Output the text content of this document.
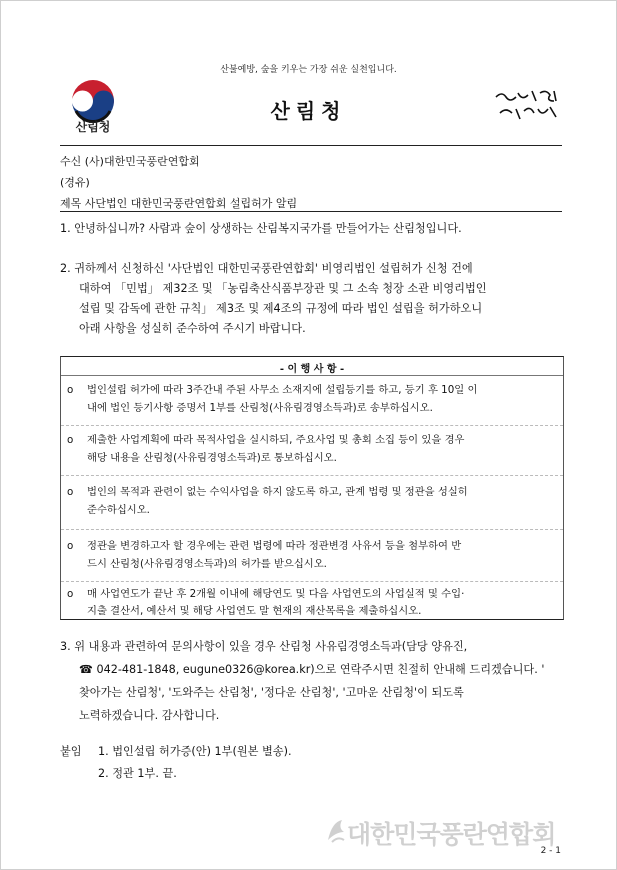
산불예방, 숲을 키우는 가장 쉬운 실천입니다.
산림청
산림청
수신 (사)대한민국풍란연합회
(경유)
제목 사단법인 대한민국풍란연합회 설립허가 알림
1. 안녕하십니까? 사람과 숲이 상생하는 산림복지국가를 만들어가는 산림청입니다.
2. 귀하께서 신청하신 '사단법인 대한민국풍란연합회' 비영리법인 설립허가 신청 건에
대하여 「민법」 제32조 및 「농림축산식품부장관 및 그 소속 청장 소관 비영리법인
설립 및 감독에 관한 규칙」 제3조 및 제4조의 규정에 따라 법인 설립을 허가하오니
아래 사항을 성실히 준수하여 주시기 바랍니다.
- 이 행 사 항 -
o 법인설립 허가에 따라 3주간내 주된 사무소 소재지에 설립등기를 하고, 등기 후 10일 이
내에 법인 등기사항 증명서 1부를 산림청(사유림경영소득과)로 송부하십시오.
o 제출한 사업계획에 따라 목적사업을 실시하되, 주요사업 및 총회 소집 등이 있을 경우
해당 내용을 산림청(사유림경영소득과)로 통보하십시오.
o 법인의 목적과 관련이 없는 수익사업을 하지 않도록 하고, 관계 법령 및 정관을 성실히
준수하십시오.
o 정관을 변경하고자 할 경우에는 관련 법령에 따라 정관변경 사유서 등을 첨부하여 반
드시 산림청(사유림경영소득과)의 허가를 받으십시오.
o 매 사업연도가 끝난 후 2개월 이내에 해당연도 및 다음 사업연도의 사업실적 및 수입·
지출 결산서, 예산서 및 해당 사업연도 말 현재의 재산목록을 제출하십시오.
3. 위 내용과 관련하여 문의사항이 있을 경우 산림청 사유림경영소득과(담당 양유진,
☎ 042-481-1848, eugune0326@korea.kr)으로 연락주시면 친절히 안내해 드리겠습니다. '
찾아가는 산림청', '도와주는 산림청', '정다운 산림청', '고마운 산림청'이 되도록
노력하겠습니다. 감사합니다.
붙임 1. 법인설립 허가증(안) 1부(원본 별송).
2. 정관 1부. 끝.
대한민국풍란연합회
2 - 1
